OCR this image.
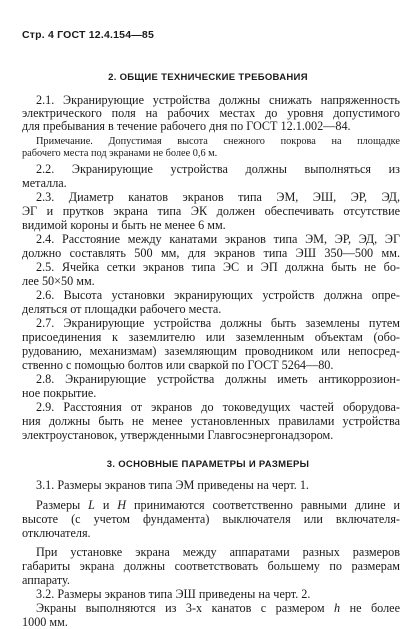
Стр. 4 ГОСТ 12.4.154—85
2. ОБЩИЕ ТЕХНИЧЕСКИЕ ТРЕБОВАНИЯ
2.1. Экранирующие устройства должны снижать напряженность
электрического поля на рабочих местах до уровня допустимого
для пребывания в течение рабочего дня по ГОСТ 12.1.002—84.
Примечание. Допустимая высота снежного покрова на площадке
рабочего места под экранами не более 0,6 м.
2.2. Экранирующие устройства должны выполняться из
металла.
2.3. Диаметр канатов экранов типа ЭМ, ЭШ, ЭР, ЭД,
ЭГ и прутков экрана типа ЭК должен обеспечивать отсутствие
видимой короны и быть не менее 6 мм.
2.4. Расстояние между канатами экранов типа ЭМ, ЭР, ЭД, ЭГ
должно составлять 500 мм, для экранов типа ЭШ 350—500 мм.
2.5. Ячейка сетки экранов типа ЭС и ЭП должна быть не бо-
лее 50×50 мм.
2.6. Высота установки экранирующих устройств должна опре-
деляться от площадки рабочего места.
2.7. Экранирующие устройства должны быть заземлены путем
присоединения к заземлителю или заземленным объектам (обо-
рудованию, механизмам) заземляющим проводником или непосред-
ственно с помощью болтов или сваркой по ГОСТ 5264—80.
2.8. Экранирующие устройства должны иметь антикоррозион-
ное покрытие.
2.9. Расстояния от экранов до токоведущих частей оборудова-
ния должны быть не менее установленных правилами устройства
электроустановок, утвержденными Главгосэнергонадзором.
3. ОСНОВНЫЕ ПАРАМЕТРЫ И РАЗМЕРЫ
3.1. Размеры экранов типа ЭМ приведены на черт. 1.
Размеры L и H принимаются соответственно равными длине и
высоте (с учетом фундамента) выключателя или включателя-
отключателя.
При установке экрана между аппаратами разных размеров
габариты экрана должны соответствовать большему по размерам
аппарату.
3.2. Размеры экранов типа ЭШ приведены на черт. 2.
Экраны выполняются из 3-х канатов с размером h не более
1000 мм.
